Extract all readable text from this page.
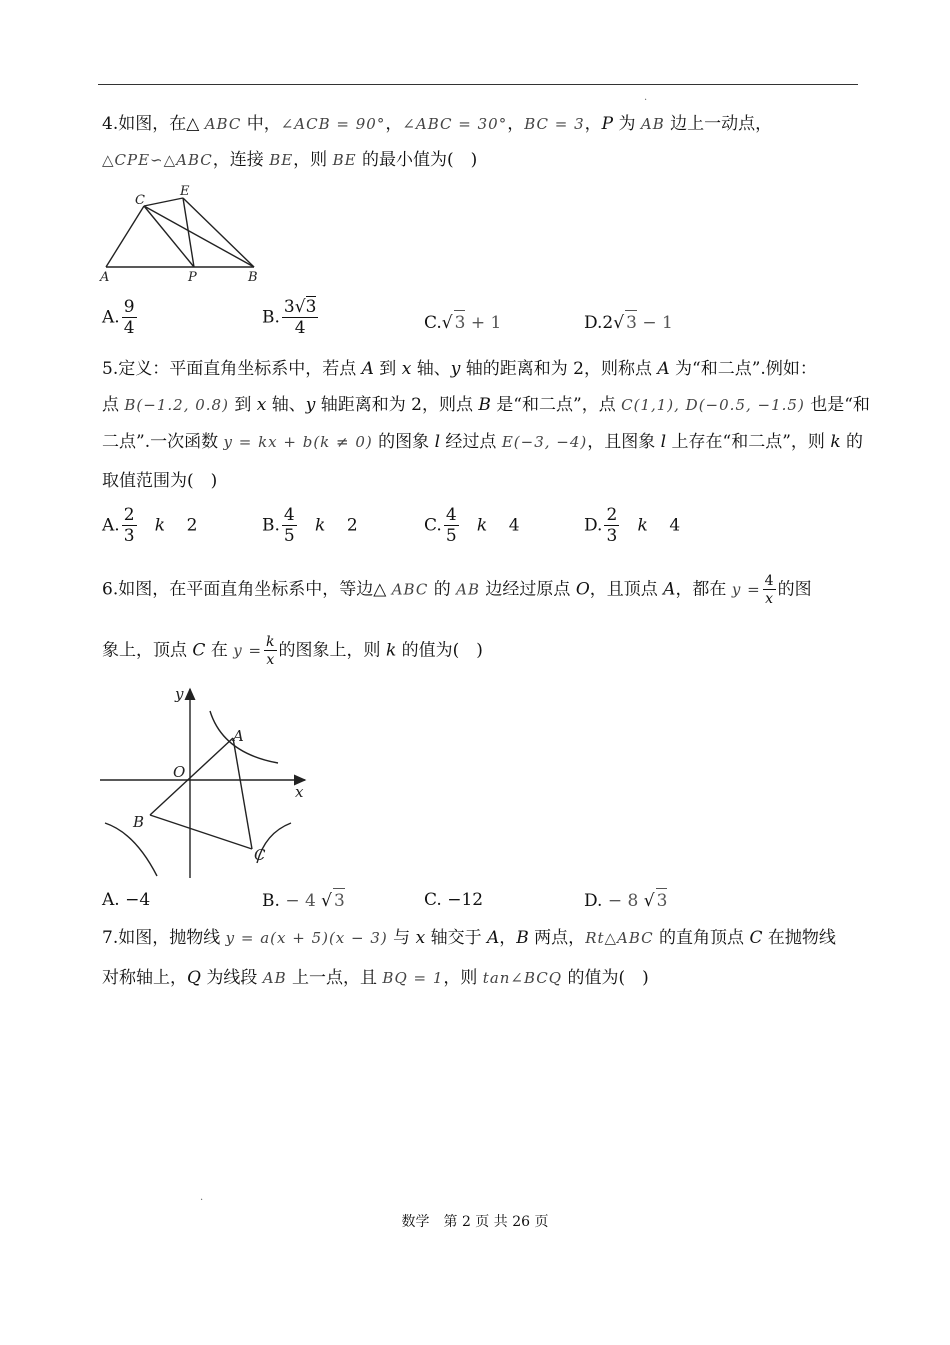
.
.
4.如图，在△ ABC 中，∠ACB = 90°，∠ABC = 30°，BC = 3，P 为 AB 边上一动点，
△CPE∽△ABC，连接 BE，则 BE 的最小值为(　)
A	B
C
E
P
A. $\frac{9}{4}$	B. $\frac{3√3}{4}$	C.√ 3 + 1	D.2√ 3 − 1
5.定义：平面直角坐标系中，若点 A 到 x 轴、y 轴的距离和为 2，则称点 A 为“和二点”.例如：
点 B(−1.2, 0.8) 到 x 轴、y 轴距离和为 2，则点 B 是“和二点”，点 C(1,1), D(−0.5, −1.5) 也是“和
二点”.一次函数 y = kx + b(k ≠ 0) 的图象 l 经过点 E(−3, −4)，且图象 l 上存在“和二点”，则 k 的
取值范围为(　)
A. $\frac{2}{3}$ k    2	B. $\frac{4}{5}$ k    2	C. $\frac{4}{5}$ k    4	D. $\frac{2}{3}$ k    4
6.如图，在平面直角坐标系中，等边△ ABC 的 AB 边经过原点 O，且顶点 A，都在 $y = \frac{4}{x}$ 的图
象上，顶点 C 在 $y = \frac{k}{x}$ 的图象上，则 k 的值为(　)
y
x
O
A
B
C
A. −4	B. − 4 √ 3	C. −12	D. − 8 √ 3
7.如图，抛物线 y = a(x + 5)(x − 3) 与 x 轴交于 A，B 两点，Rt△ABC 的直角顶点 C 在抛物线
对称轴上，Q 为线段 AB 上一点，且 BQ = 1，则 tan∠BCQ 的值为(　)
数学　第 2 页 共 26 页
